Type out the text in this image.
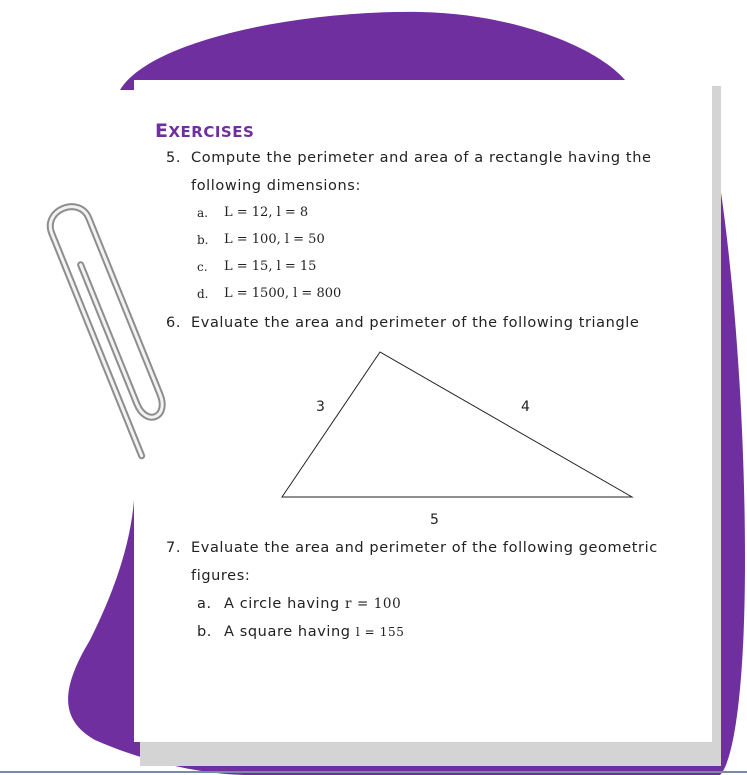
EXERCISES
5. Compute the perimeter and area of a rectangle having the
following dimensions:
a. L = 12, l = 8
b. L = 100, l = 50
c. L = 15, l = 15
d. L = 1500, l = 800
6. Evaluate the area and perimeter of the following triangle
3	4
5
7. Evaluate the area and perimeter of the following geometric
figures:
a. A circle having r = 100
b. A square having l = 155
